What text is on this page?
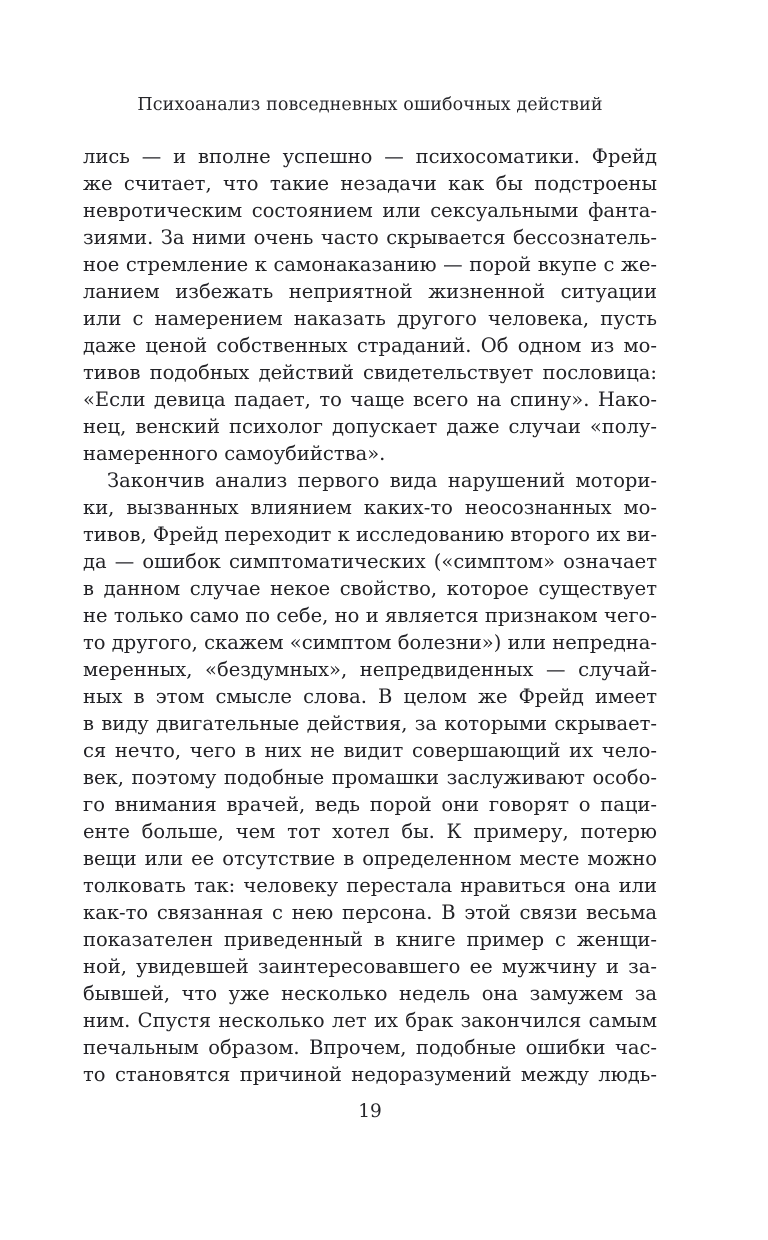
Психоанализ повседневных ошибочных действий
лись — и вполне успешно — психосоматики. Фрейд
же считает, что такие незадачи как бы подстроены
невротическим состоянием или сексуальными фанта-
зиями. За ними очень часто скрывается бессознатель-
ное стремление к самонаказанию — порой вкупе с же-
ланием избежать неприятной жизненной ситуации
или с намерением наказать другого человека, пусть
даже ценой собственных страданий. Об одном из мо-
тивов подобных действий свидетельствует пословица:
«Если девица падает, то чаще всего на спину». Нако-
нец, венский психолог допускает даже случаи «полу-
намеренного самоубийства».
Закончив анализ первого вида нарушений мотори-
ки, вызванных влиянием каких-то неосознанных мо-
тивов, Фрейд переходит к исследованию второго их ви-
да — ошибок симптоматических («симптом» означает
в данном случае некое свойство, которое существует
не только само по себе, но и является признаком чего-
то другого, скажем «симптом болезни») или непредна-
меренных, «бездумных», непредвиденных — случай-
ных в этом смысле слова. В целом же Фрейд имеет
в виду двигательные действия, за которыми скрывает-
ся нечто, чего в них не видит совершающий их чело-
век, поэтому подобные промашки заслуживают особо-
го внимания врачей, ведь порой они говорят о паци-
енте больше, чем тот хотел бы. К примеру, потерю
вещи или ее отсутствие в определенном месте можно
толковать так: человеку перестала нравиться она или
как-то связанная с нею персона. В этой связи весьма
показателен приведенный в книге пример с женщи-
ной, увидевшей заинтересовавшего ее мужчину и за-
бывшей, что уже несколько недель она замужем за
ним. Спустя несколько лет их брак закончился самым
печальным образом. Впрочем, подобные ошибки час-
то становятся причиной недоразумений между людь-
19
